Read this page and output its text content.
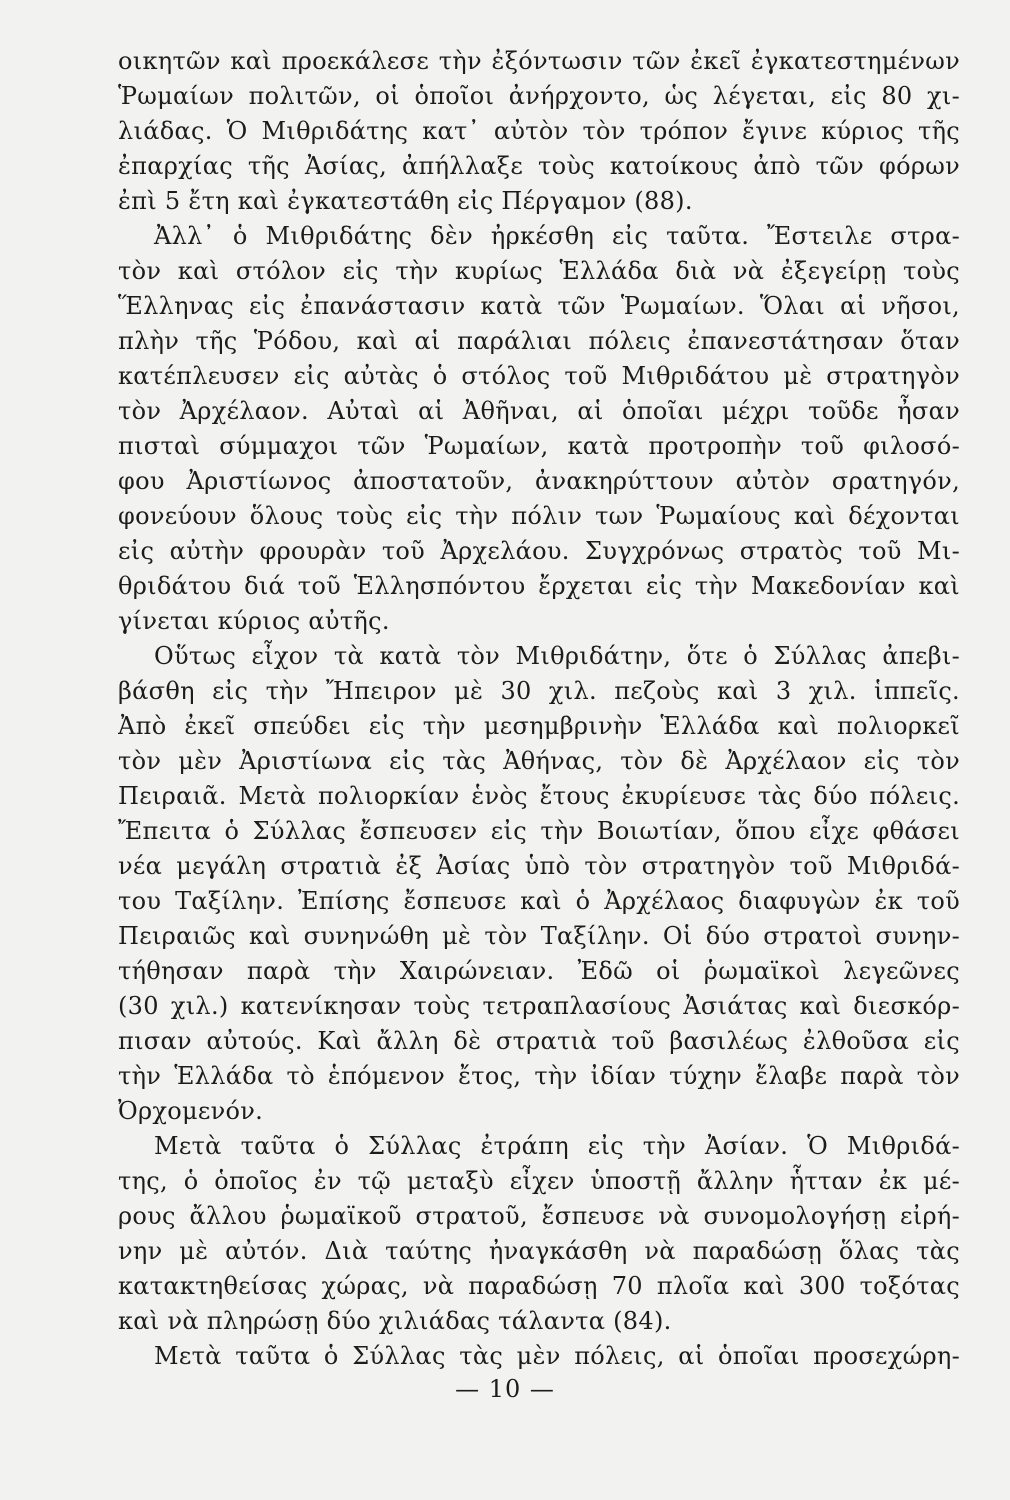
οικητῶν καὶ προεκάλεσε τὴν ἐξόντωσιν τῶν ἐκεῖ ἐγκατεστημένων
Ῥωμαίων πολιτῶν, οἱ ὁποῖοι ἀνήρχοντο, ὡς λέγεται, εἰς 80 χι-
λιάδας. Ὁ Μιθριδάτης κατ᾽ αὐτὸν τὸν τρόπον ἔγινε κύριος τῆς
ἐπαρχίας τῆς Ἀσίας, ἀπήλλαξε τοὺς κατοίκους ἀπὸ τῶν φόρων
ἐπὶ 5 ἔτη καὶ ἐγκατεστάθη εἰς Πέργαμον (88).
Ἀλλ᾽ ὁ Μιθριδάτης δὲν ἠρκέσθη εἰς ταῦτα. Ἔστειλε στρα-
τὸν καὶ στόλον εἰς τὴν κυρίως Ἑλλάδα διὰ νὰ ἐξεγείρῃ τοὺς
Ἕλληνας εἰς ἐπανάστασιν κατὰ τῶν Ῥωμαίων. Ὅλαι αἱ νῆσοι,
πλὴν τῆς Ῥόδου, καὶ αἱ παράλιαι πόλεις ἐπανεστάτησαν ὅταν
κατέπλευσεν εἰς αὐτὰς ὁ στόλος τοῦ Μιθριδάτου μὲ στρατηγὸν
τὸν Ἀρχέλαον. Αὐταὶ αἱ Ἀθῆναι, αἱ ὁποῖαι μέχρι τοῦδε ἦσαν
πισταὶ σύμμαχοι τῶν Ῥωμαίων, κατὰ προτροπὴν τοῦ φιλοσό-
φου Ἀριστίωνος ἀποστατοῦν, ἀνακηρύττουν αὐτὸν σρατηγόν,
φονεύουν ὅλους τοὺς εἰς τὴν πόλιν των Ῥωμαίους καὶ δέχονται
εἰς αὐτὴν φρουρὰν τοῦ Ἀρχελάου. Συγχρόνως στρατὸς τοῦ Μι-
θριδάτου διά τοῦ Ἑλλησπόντου ἔρχεται εἰς τὴν Μακεδονίαν καὶ
γίνεται κύριος αὐτῆς.
Οὕτως εἶχον τὰ κατὰ τὸν Μιθριδάτην, ὅτε ὁ Σύλλας ἀπεβι-
βάσθη εἰς τὴν Ἤπειρον μὲ 30 χιλ. πεζοὺς καὶ 3 χιλ. ἱππεῖς.
Ἀπὸ ἐκεῖ σπεύδει εἰς τὴν μεσημβρινὴν Ἑλλάδα καὶ πολιορκεῖ
τὸν μὲν Ἀριστίωνα εἰς τὰς Ἀθήνας, τὸν δὲ Ἀρχέλαον εἰς τὸν
Πειραιᾶ. Μετὰ πολιορκίαν ἑνὸς ἔτους ἐκυρίευσε τὰς δύο πόλεις.
Ἔπειτα ὁ Σύλλας ἔσπευσεν εἰς τὴν Βοιωτίαν, ὅπου εἶχε φθάσει
νέα μεγάλη στρατιὰ ἐξ Ἀσίας ὑπὸ τὸν στρατηγὸν τοῦ Μιθριδά-
του Ταξίλην. Ἐπίσης ἔσπευσε καὶ ὁ Ἀρχέλαος διαφυγὼν ἐκ τοῦ
Πειραιῶς καὶ συνηνώθη μὲ τὸν Ταξίλην. Οἱ δύο στρατοὶ συνην-
τήθησαν παρὰ τὴν Χαιρώνειαν. Ἐδῶ οἱ ῥωμαϊκοὶ λεγεῶνες
(30 χιλ.) κατενίκησαν τοὺς τετραπλασίους Ἀσιάτας καὶ διεσκόρ-
πισαν αὐτούς. Καὶ ἄλλη δὲ στρατιὰ τοῦ βασιλέως ἐλθοῦσα εἰς
τὴν Ἑλλάδα τὸ ἑπόμενον ἔτος, τὴν ἰδίαν τύχην ἔλαβε παρὰ τὸν
Ὀρχομενόν.
Μετὰ ταῦτα ὁ Σύλλας ἐτράπη εἰς τὴν Ἀσίαν. Ὁ Μιθριδά-
της, ὁ ὁποῖος ἐν τῷ μεταξὺ εἶχεν ὑποστῇ ἄλλην ἧτταν ἐκ μέ-
ρους ἄλλου ῥωμαϊκοῦ στρατοῦ, ἔσπευσε νὰ συνομολογήσῃ εἰρή-
νην μὲ αὐτόν. Διὰ ταύτης ἠναγκάσθη νὰ παραδώσῃ ὅλας τὰς
κατακτηθείσας χώρας, νὰ παραδώσῃ 70 πλοῖα καὶ 300 τοξότας
καὶ νὰ πληρώσῃ δύο χιλιάδας τάλαντα (84).
Μετὰ ταῦτα ὁ Σύλλας τὰς μὲν πόλεις, αἱ ὁποῖαι προσεχώρη-
— 10 —
